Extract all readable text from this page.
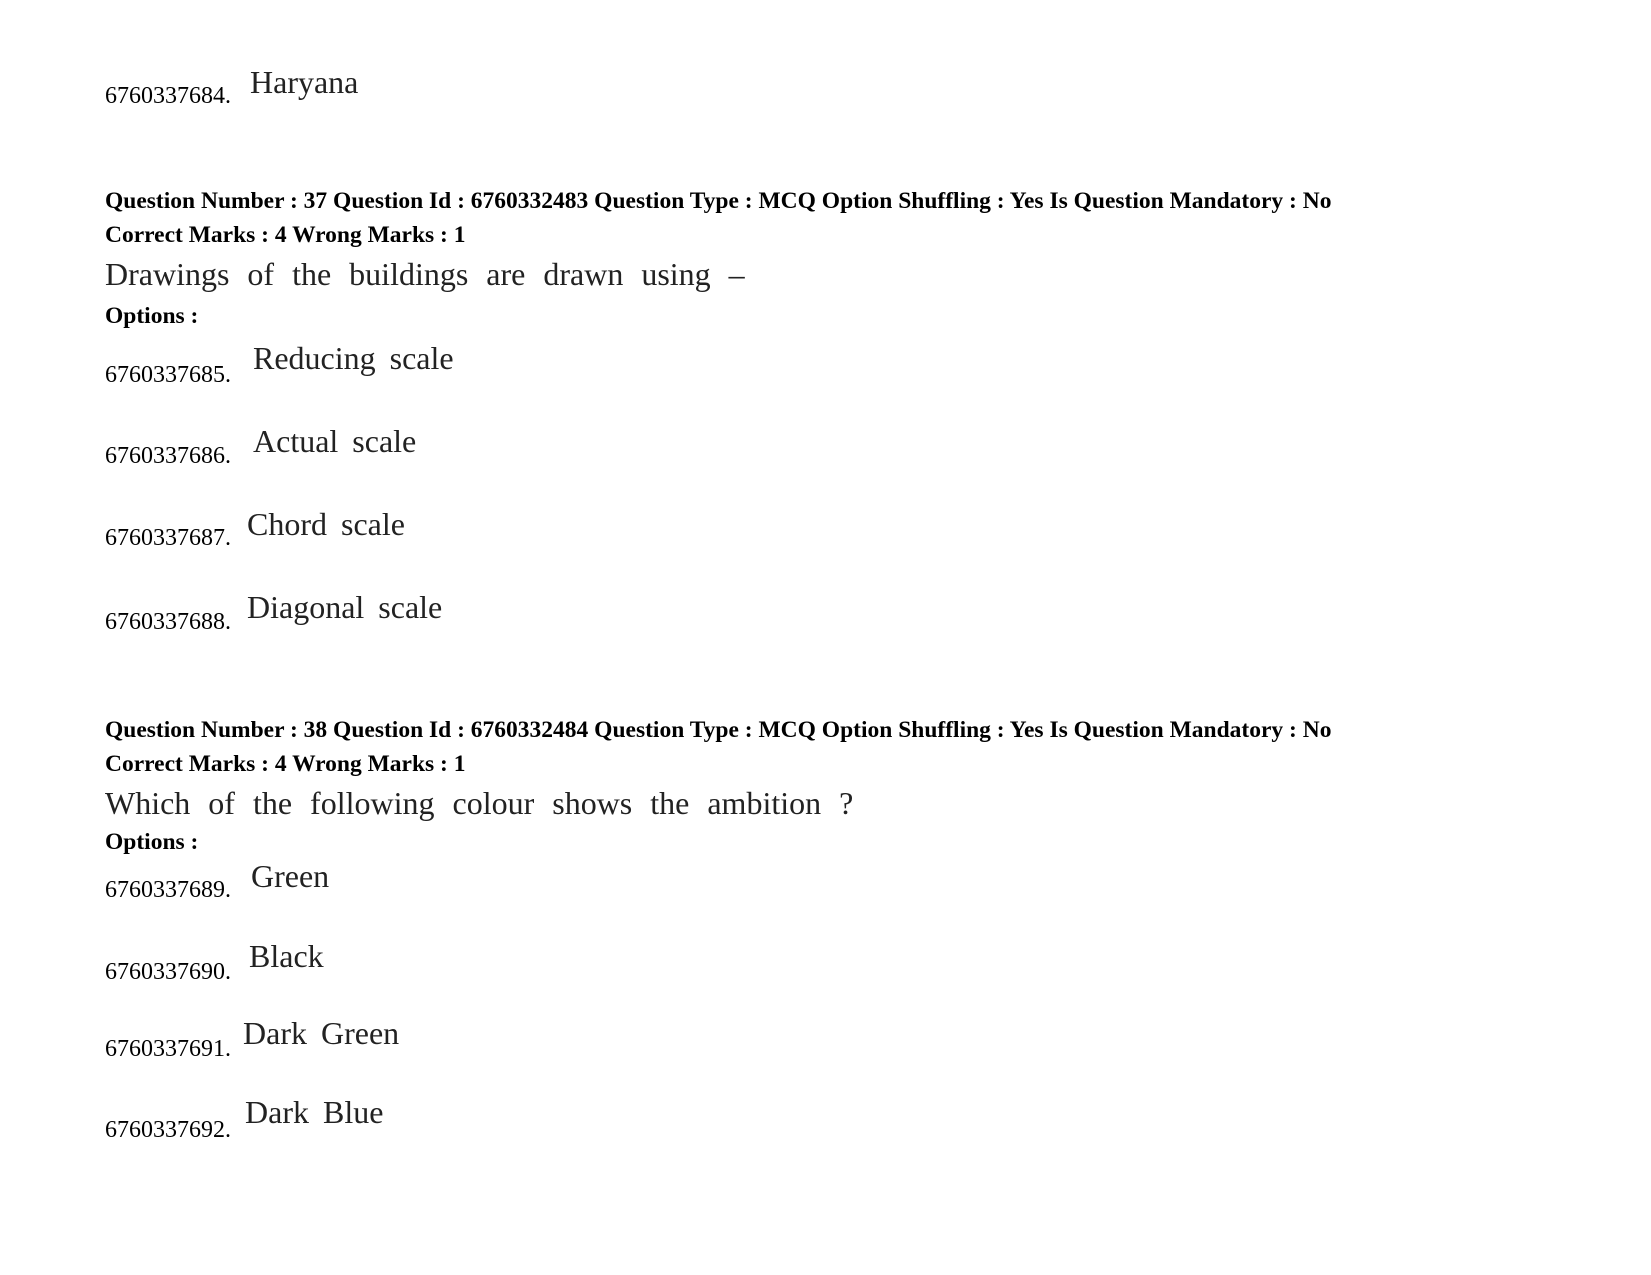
6760337684. Haryana
Question Number : 37 Question Id : 6760332483 Question Type : MCQ Option Shuffling : Yes Is Question Mandatory : No
Correct Marks : 4 Wrong Marks : 1
Drawings of the buildings are drawn using –
Options :
6760337685. Reducing scale
6760337686. Actual scale
6760337687. Chord scale
6760337688. Diagonal scale
Question Number : 38 Question Id : 6760332484 Question Type : MCQ Option Shuffling : Yes Is Question Mandatory : No
Correct Marks : 4 Wrong Marks : 1
Which of the following colour shows the ambition ?
Options :
6760337689. Green
6760337690. Black
6760337691. Dark Green
6760337692. Dark Blue
